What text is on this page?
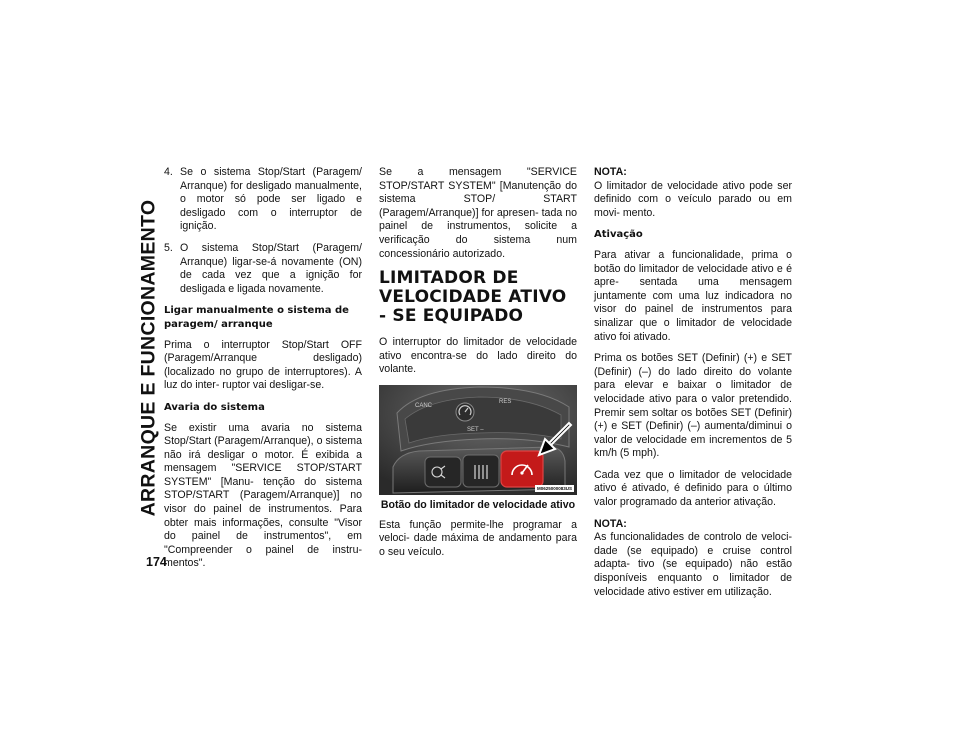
ARRANQUE E FUNCIONAMENTO
174
4. Se o sistema Stop/Start (Paragem/ Arranque) for desligado manualmente, o motor só pode ser ligado e desligado com o interruptor de ignição.
5. O sistema Stop/Start (Paragem/ Arranque) ligar-se-á novamente (ON) de cada vez que a ignição for desligada e ligada novamente.
Ligar manualmente o sistema de paragem/ arranque

Prima o interruptor Stop/Start OFF (Paragem/Arranque desligado) (localizado no grupo de interruptores). A luz do inter- ruptor vai desligar-se.

Avaria do sistema

Se existir uma avaria no sistema Stop/Start (Paragem/Arranque), o sistema não irá desligar o motor. É exibida a mensagem "SERVICE STOP/START SYSTEM" [Manu- tenção do sistema STOP/START (Paragem/Arranque)] no visor do painel de instrumentos. Para obter mais informações, consulte "Visor do painel de instrumentos", em "Compreender o painel de instru- mentos".

Se a mensagem "SERVICE STOP/START SYSTEM" [Manutenção do sistema STOP/ START (Paragem/Arranque)] for apresen- tada no painel de instrumentos, solicite a verificação do sistema num concessionário autorizado.

LIMITADOR DE VELOCIDADE ATIVO - SE EQUIPADO

O interruptor do limitador de velocidade ativo encontra-se do lado direito do volante.

CANC
RES
SET –
M0625000083US
Botão do limitador de velocidade ativo

Esta função permite-lhe programar a veloci- dade máxima de andamento para o seu veículo.

NOTA:

O limitador de velocidade ativo pode ser definido com o veículo parado ou em movi- mento.

Ativação

Para ativar a funcionalidade, prima o botão do limitador de velocidade ativo e é apre- sentada uma mensagem juntamente com uma luz indicadora no visor do painel de instrumentos para sinalizar que o limitador de velocidade ativo foi ativado.

Prima os botões SET (Definir) (+) e SET (Definir) (–) do lado direito do volante para elevar e baixar o limitador de velocidade ativo para o valor pretendido. Premir sem soltar os botões SET (Definir) (+) e SET (Definir) (–) aumenta/diminui o valor de velocidade em incrementos de 5 km/h (5 mph).

Cada vez que o limitador de velocidade ativo é ativado, é definido para o último valor programado da anterior ativação.

NOTA:

As funcionalidades de controlo de veloci- dade (se equipado) e cruise control adapta- tivo (se equipado) não estão disponíveis enquanto o limitador de velocidade ativo estiver em utilização.
